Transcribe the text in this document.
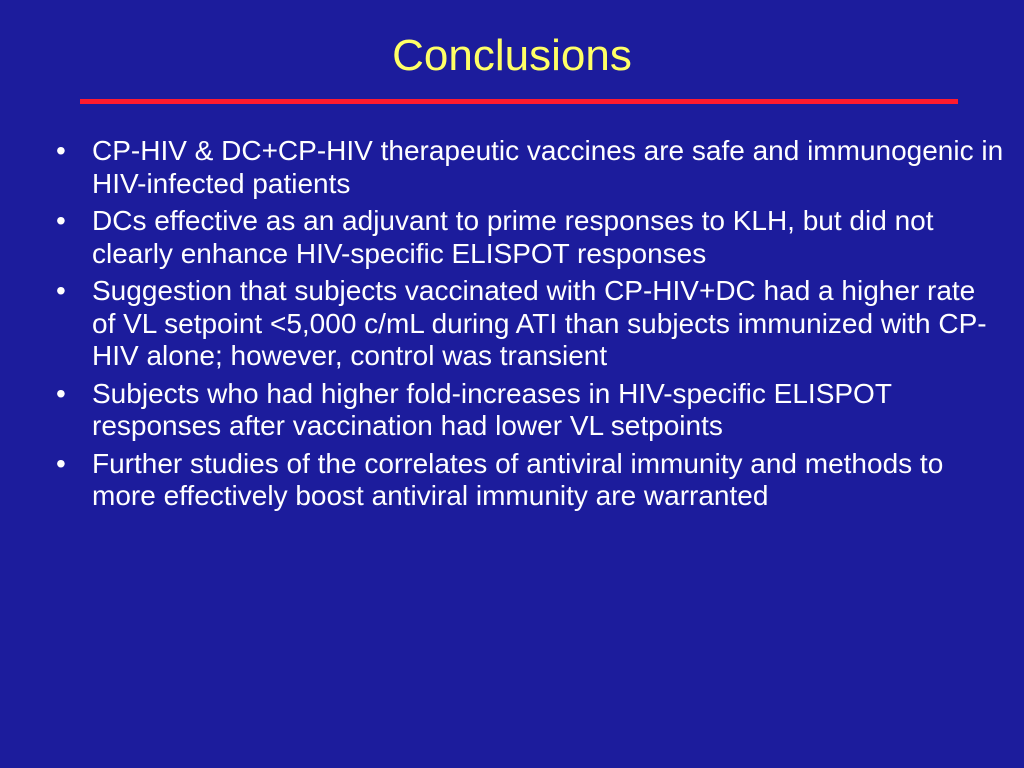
Conclusions
• CP-HIV & DC+CP-HIV therapeutic vaccines are safe and immunogenic in HIV-infected patients
• DCs effective as an adjuvant to prime responses to KLH, but did not clearly enhance HIV-specific ELISPOT responses
• Suggestion that subjects vaccinated with CP-HIV+DC had a higher rate of VL setpoint <5,000 c/mL during ATI than subjects immunized with CP-HIV alone; however, control was transient
• Subjects who had higher fold-increases in HIV-specific ELISPOT responses after vaccination had lower VL setpoints
• Further studies of the correlates of antiviral immunity and methods to more effectively boost antiviral immunity are warranted
